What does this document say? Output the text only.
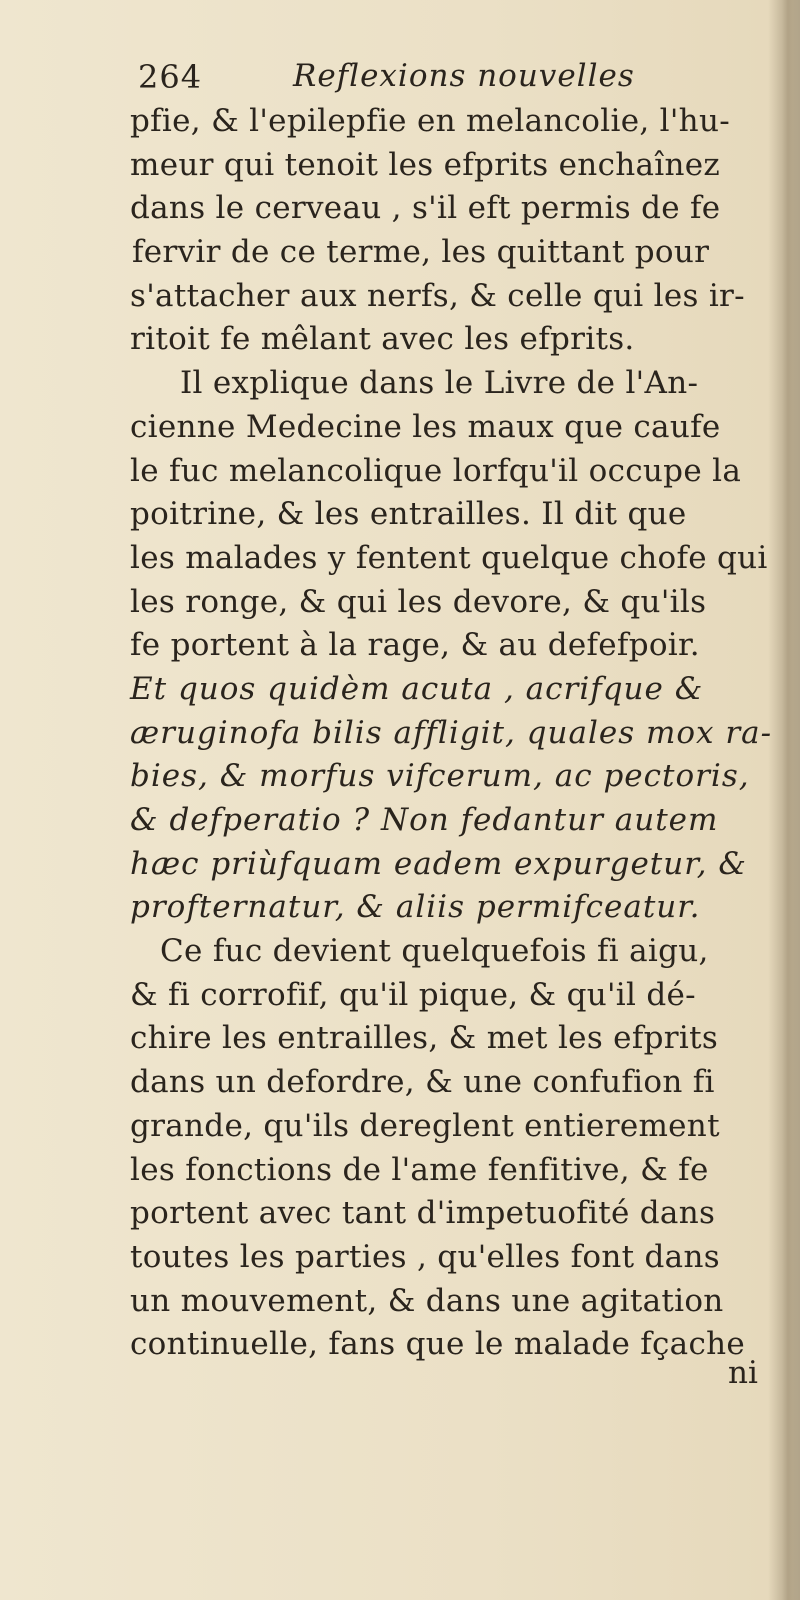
264	Reflexions nouvelles
pfie, & l'epilepfie en melancolie, l'hu-
meur qui tenoit les efprits enchaînez
dans le cerveau , s'il eft permis de fe
fervir de ce terme, les quittant pour
s'attacher aux nerfs, & celle qui les ir-
ritoit fe mêlant avec les efprits.
Il explique dans le Livre de l'An-
cienne Medecine les maux que caufe
le fuc melancolique lorfqu'il occupe la
poitrine, & les entrailles. Il dit que
les malades y fentent quelque chofe qui
les ronge, & qui les devore, & qu'ils
fe portent à la rage, & au defefpoir.
Et quos quidèm acuta , acrifque &
æruginofa bilis affligit, quales mox ra-
bies, & morfus vifcerum, ac pectoris,
& defperatio ? Non fedantur autem
hæc priùfquam eadem expurgetur, &
profternatur, & aliis permifceatur.
Ce fuc devient quelquefois fi aigu,
& fi corrofif, qu'il pique, & qu'il dé-
chire les entrailles, & met les efprits
dans un defordre, & une confufion fi
grande, qu'ils dereglent entierement
les fonctions de l'ame fenfitive, & fe
portent avec tant d'impetuofité dans
toutes les parties , qu'elles font dans
un mouvement, & dans une agitation
continuelle, fans que le malade fçache
ni
